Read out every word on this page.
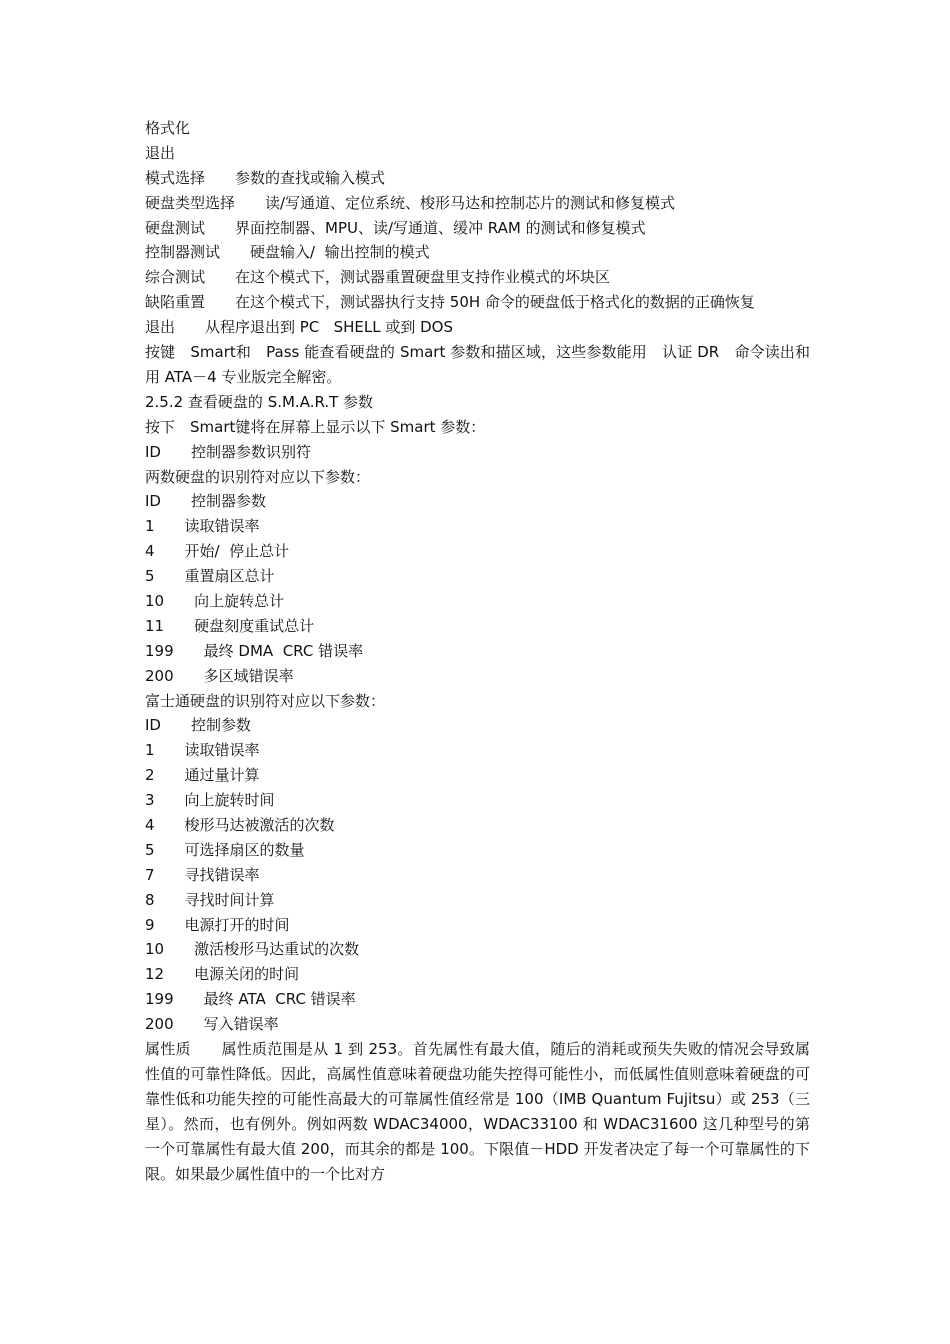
格式化
退出
模式选择　　参数的查找或输入模式
硬盘类型选择　　读/写通道、定位系统、梭形马达和控制芯片的测试和修复模式
硬盘测试　　界面控制器、MPU、读/写通道、缓冲 RAM 的测试和修复模式
控制器测试　　硬盘输入/  输出控制的模式
综合测试　　在这个模式下，测试器重置硬盘里支持作业模式的坏块区
缺陷重置　　在这个模式下，测试器执行支持 50H 命令的硬盘低于格式化的数据的正确恢复
退出　　从程序退出到 PC   SHELL 或到 DOS
按键　Smart和　Pass 能查看硬盘的 Smart 参数和描区域，这些参数能用　认证 DR　命令读出和用 ATA－4 专业版完全解密。
2.5.2 查看硬盘的 S.M.A.R.T 参数
按下　Smart键将在屏幕上显示以下 Smart 参数：
ID　　控制器参数识别符
两数硬盘的识别符对应以下参数：
ID　　控制器参数
1　　读取错误率
4　　开始/  停止总计
5　　重置扇区总计
10　　向上旋转总计
11　　硬盘刻度重试总计
199　　最终 DMA  CRC 错误率
200　　多区域错误率
富士通硬盘的识别符对应以下参数：
ID　　控制参数
1　　读取错误率
2　　通过量计算
3　　向上旋转时间
4　　梭形马达被激活的次数
5　　可选择扇区的数量
7　　寻找错误率
8　　寻找时间计算
9　　电源打开的时间
10　　激活梭形马达重试的次数
12　　电源关闭的时间
199　　最终 ATA  CRC 错误率
200　　写入错误率
属性质　　属性质范围是从 1 到 253。首先属性有最大值，随后的消耗或预失失败的情况会导致属性值的可靠性降低。因此，高属性值意味着硬盘功能失控得可能性小，而低属性值则意味着硬盘的可靠性低和功能失控的可能性高最大的可靠属性值经常是 100（IMB Quantum Fujitsu）或 253（三星）。然而，也有例外。例如两数 WDAC34000，WDAC33100 和 WDAC31600 这几种型号的第一个可靠属性有最大值 200，而其余的都是 100。下限值－HDD 开发者决定了每一个可靠属性的下限。如果最少属性值中的一个比对方
